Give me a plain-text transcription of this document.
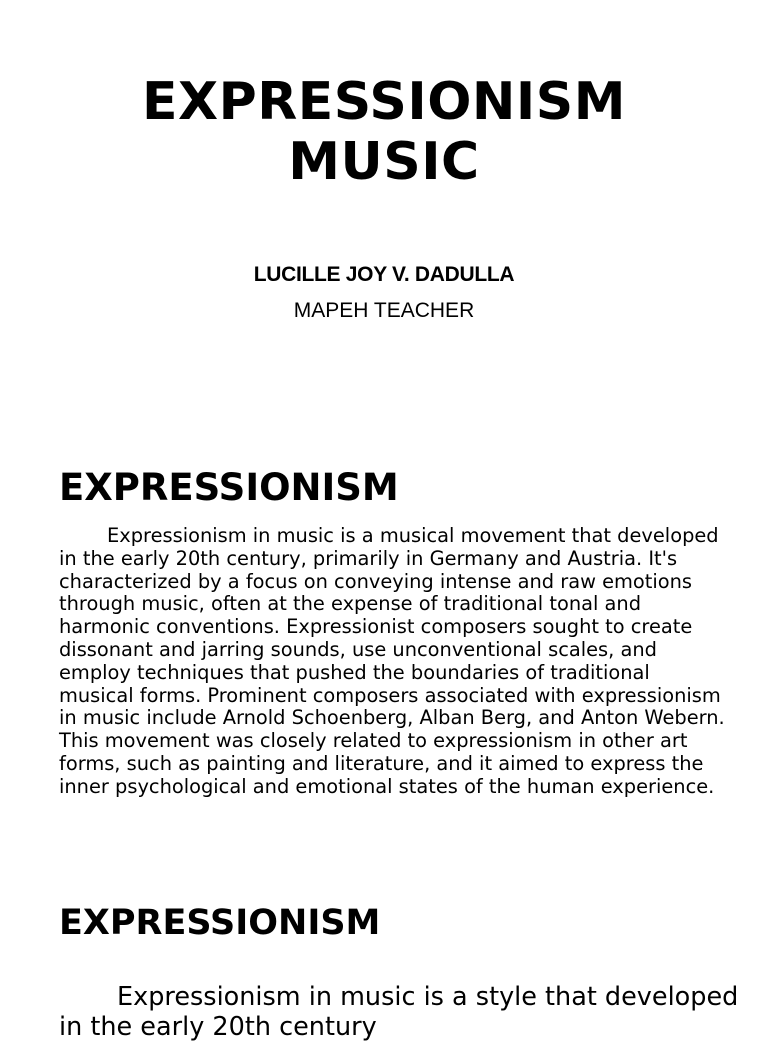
EXPRESSIONISM
MUSIC
LUCILLE JOY V. DADULLA
MAPEH TEACHER
EXPRESSIONISM

Expressionism in music is a musical movement that developed in the early 20th century, primarily in Germany and Austria. It's characterized by a focus on conveying intense and raw emotions through music, often at the expense of traditional tonal and harmonic conventions. Expressionist composers sought to create dissonant and jarring sounds, use unconventional scales, and employ techniques that pushed the boundaries of traditional musical forms. Prominent composers associated with expressionism in music include Arnold Schoenberg, Alban Berg, and Anton Webern. This movement was closely related to expressionism in other art forms, such as painting and literature, and it aimed to express the inner psychological and emotional states of the human experience.

EXPRESSIONISM

Expressionism in music is a style that developed in the early 20th century
